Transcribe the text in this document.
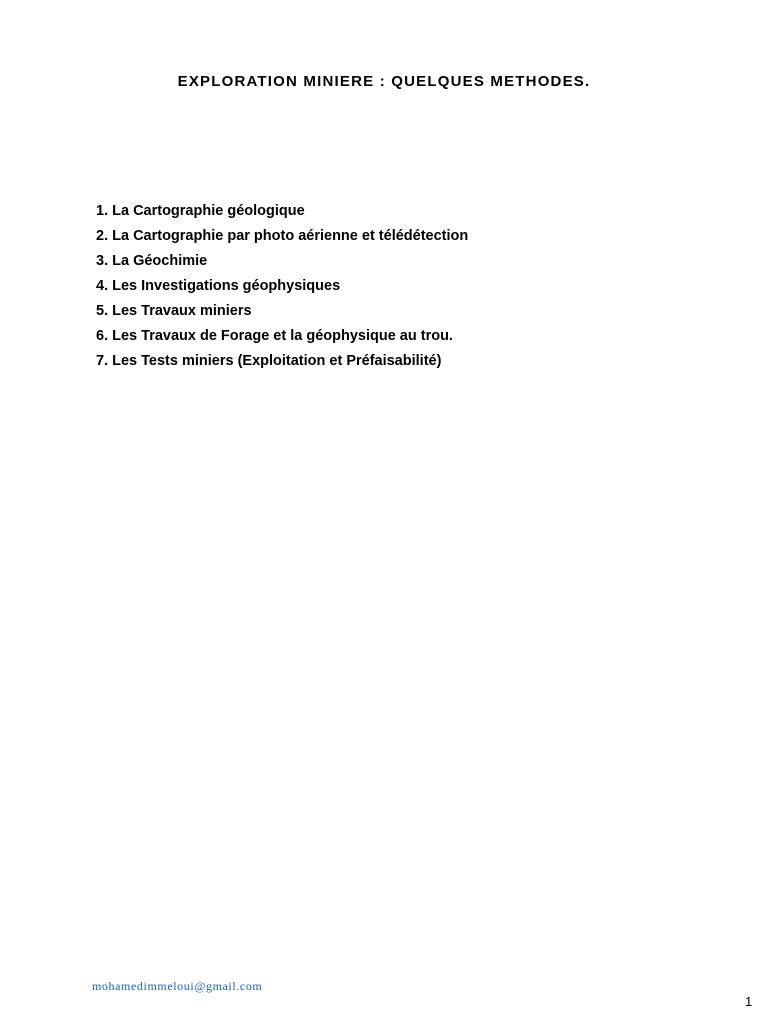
EXPLORATION MINIERE : QUELQUES METHODES.
1. La Cartographie géologique
2. La Cartographie par photo aérienne et télédétection
3. La Géochimie
4. Les Investigations géophysiques
5. Les Travaux miniers
6. Les Travaux de Forage et la géophysique au trou.
7. Les Tests miniers (Exploitation et Préfaisabilité)
mohamedimmeloui@gmail.com
1
